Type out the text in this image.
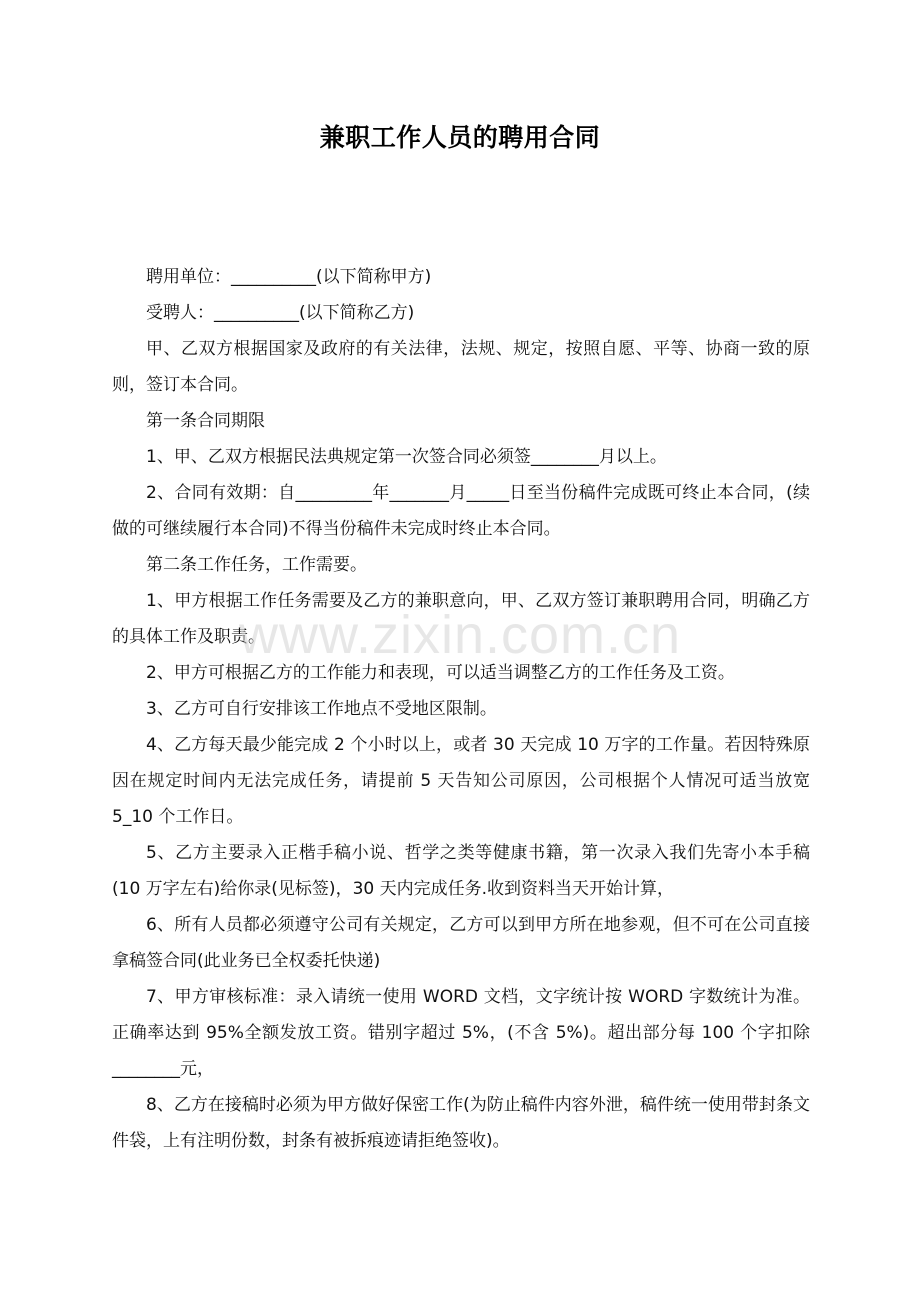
兼职工作人员的聘用合同

聘用单位：__________(以下简称甲方)

受聘人：__________(以下简称乙方)

甲、乙双方根据国家及政府的有关法律，法规、规定，按照自愿、平等、协商一致的原则，签订本合同。

第一条合同期限

1、甲、乙双方根据民法典规定第一次签合同必须签________月以上。

2、合同有效期：自_________年_______月_____日至当份稿件完成既可终止本合同，(续做的可继续履行本合同)不得当份稿件未完成时终止本合同。

第二条工作任务，工作需要。

1、甲方根据工作任务需要及乙方的兼职意向，甲、乙双方签订兼职聘用合同，明确乙方的具体工作及职责。

2、甲方可根据乙方的工作能力和表现，可以适当调整乙方的工作任务及工资。

3、乙方可自行安排该工作地点不受地区限制。

4、乙方每天最少能完成 2 个小时以上，或者 30 天完成 10 万字的工作量。若因特殊原因在规定时间内无法完成任务，请提前 5 天告知公司原因，公司根据个人情况可适当放宽 5_10 个工作日。

5、乙方主要录入正楷手稿小说、哲学之类等健康书籍，第一次录入我们先寄小本手稿(10 万字左右)给你录(见标签)，30 天内完成任务.收到资料当天开始计算，

6、所有人员都必须遵守公司有关规定，乙方可以到甲方所在地参观，但不可在公司直接拿稿签合同(此业务已全权委托快递)

7、甲方审核标准：录入请统一使用 WORD 文档，文字统计按 WORD 字数统计为准。正确率达到 95%全额发放工资。错别字超过 5%，(不含 5%)。超出部分每 100 个字扣除________元，

8、乙方在接稿时必须为甲方做好保密工作(为防止稿件内容外泄，稿件统一使用带封条文件袋，上有注明份数，封条有被拆痕迹请拒绝签收)。

www.zixin.com.cn
